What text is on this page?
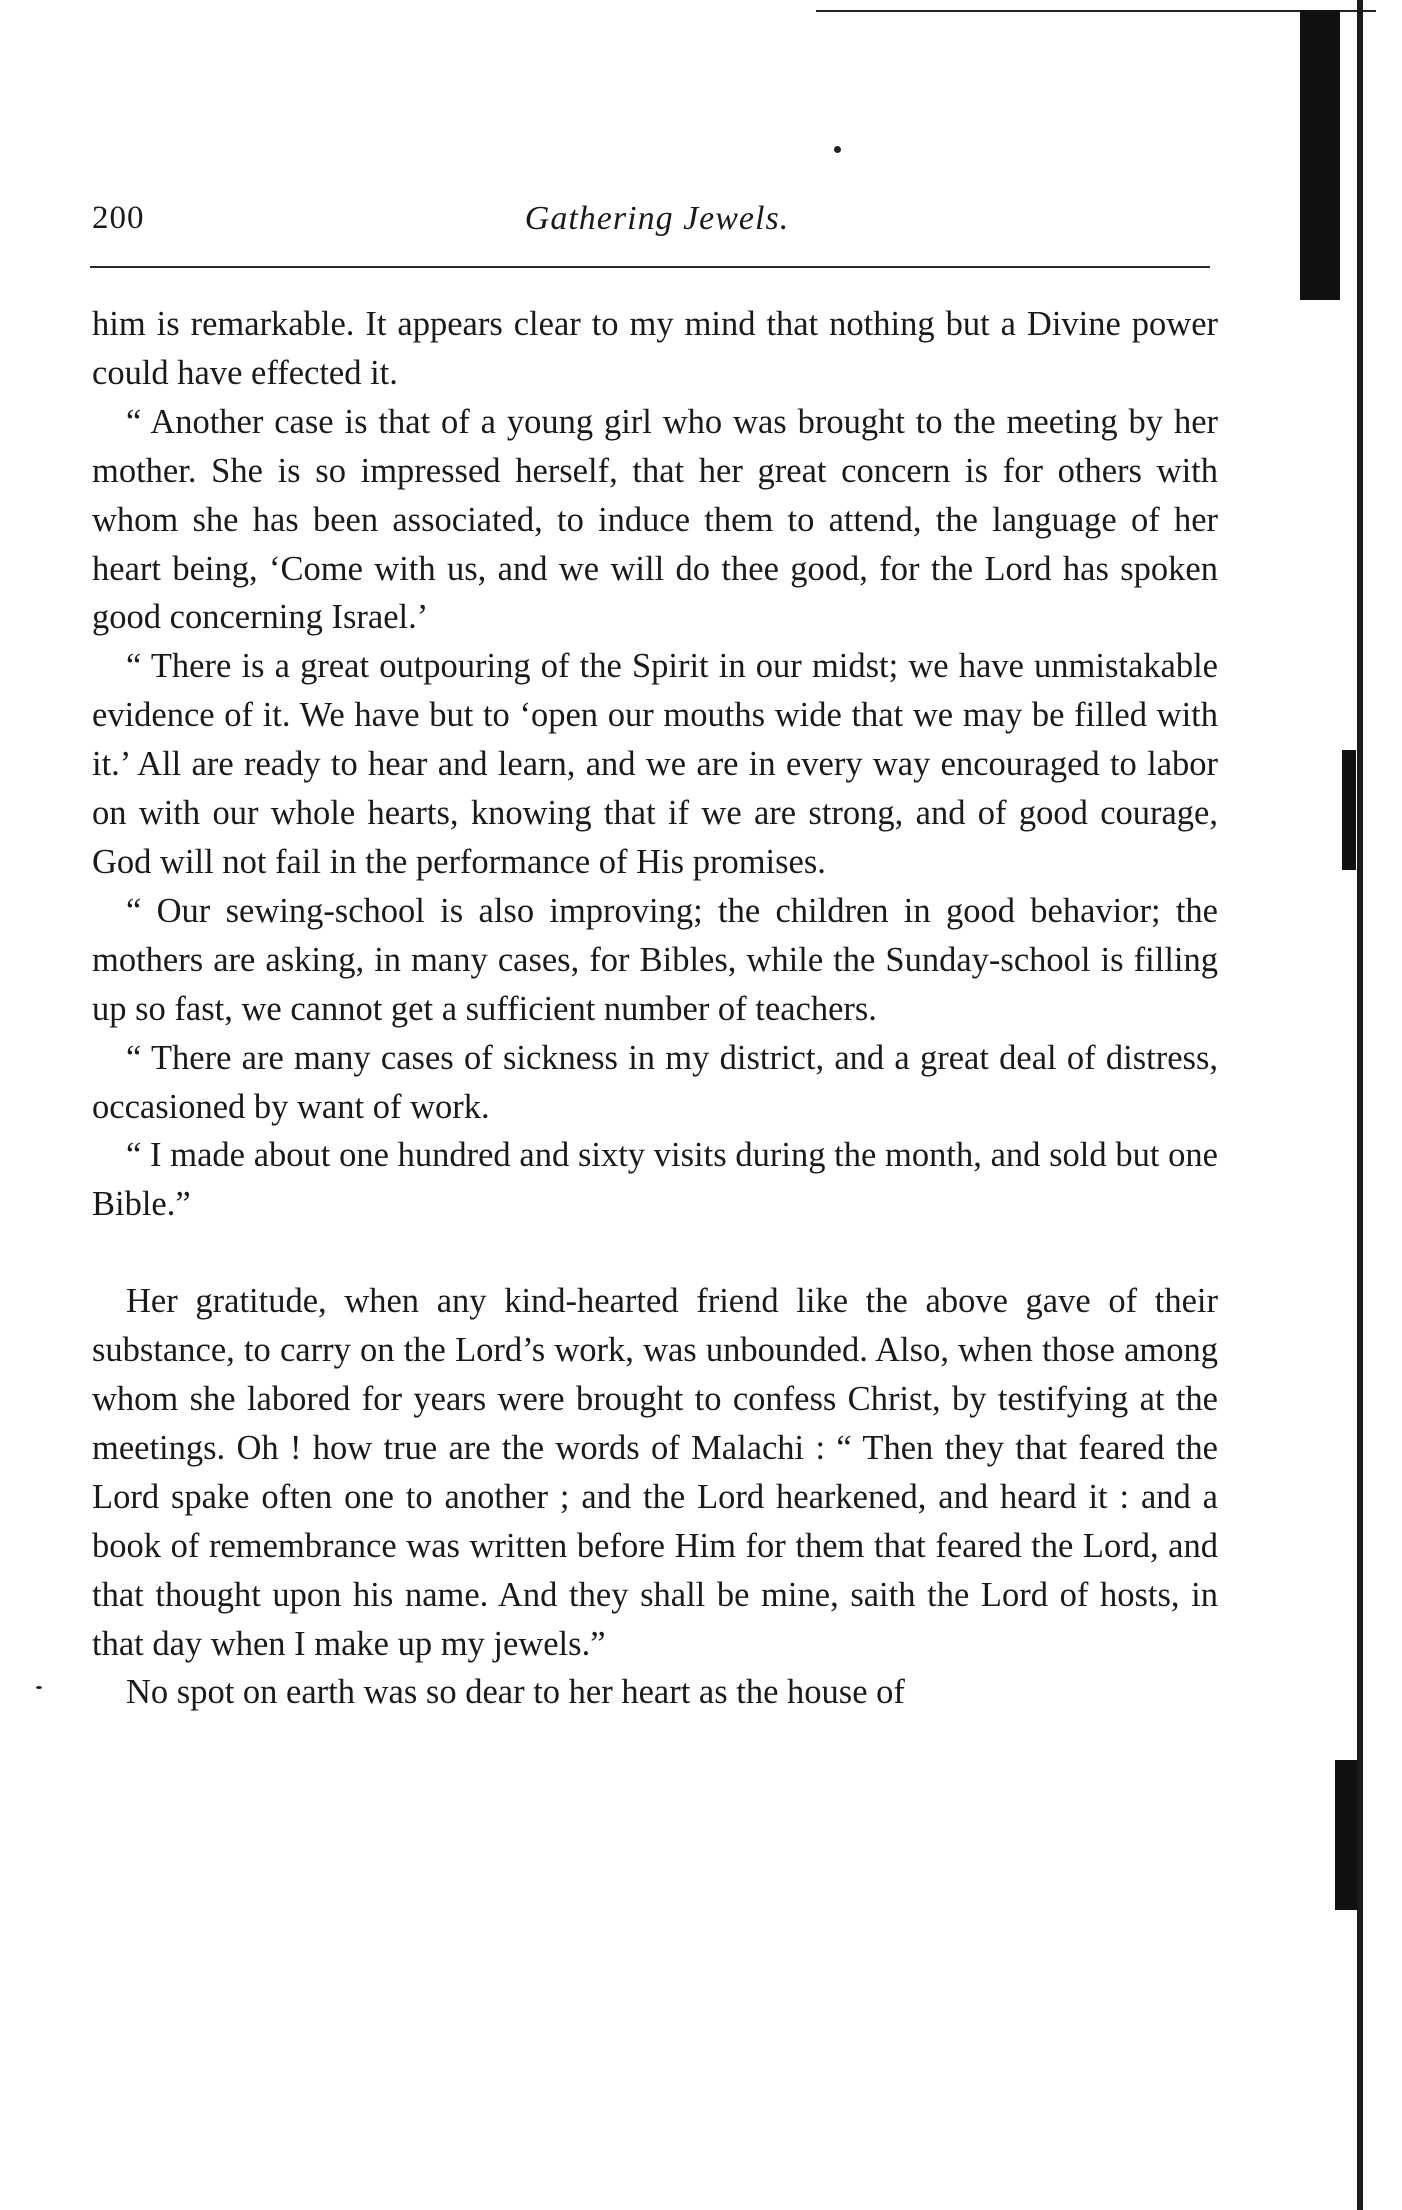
200	Gathering Jewels.

him is remarkable. It appears clear to my mind that nothing but a Divine power could have effected it.

“ Another case is that of a young girl who was brought to the meeting by her mother. She is so impressed herself, that her great concern is for others with whom she has been associated, to induce them to attend, the language of her heart being, ‘Come with us, and we will do thee good, for the Lord has spoken good concerning Israel.’

“ There is a great outpouring of the Spirit in our midst; we have unmistakable evidence of it. We have but to ‘open our mouths wide that we may be filled with it.’ All are ready to hear and learn, and we are in every way encouraged to labor on with our whole hearts, knowing that if we are strong, and of good courage, God will not fail in the performance of His promises.

“ Our sewing-school is also improving; the children in good behavior; the mothers are asking, in many cases, for Bibles, while the Sunday-school is filling up so fast, we cannot get a sufficient number of teachers.

“ There are many cases of sickness in my district, and a great deal of distress, occasioned by want of work.

“ I made about one hundred and sixty visits during the month, and sold but one Bible.”

Her gratitude, when any kind-hearted friend like the above gave of their substance, to carry on the Lord’s work, was unbounded. Also, when those among whom she labored for years were brought to confess Christ, by testifying at the meetings. Oh ! how true are the words of Malachi : “ Then they that feared the Lord spake often one to another ; and the Lord hearkened, and heard it : and a book of remembrance was written before Him for them that feared the Lord, and that thought upon his name. And they shall be mine, saith the Lord of hosts, in that day when I make up my jewels.”

No spot on earth was so dear to her heart as the house of
